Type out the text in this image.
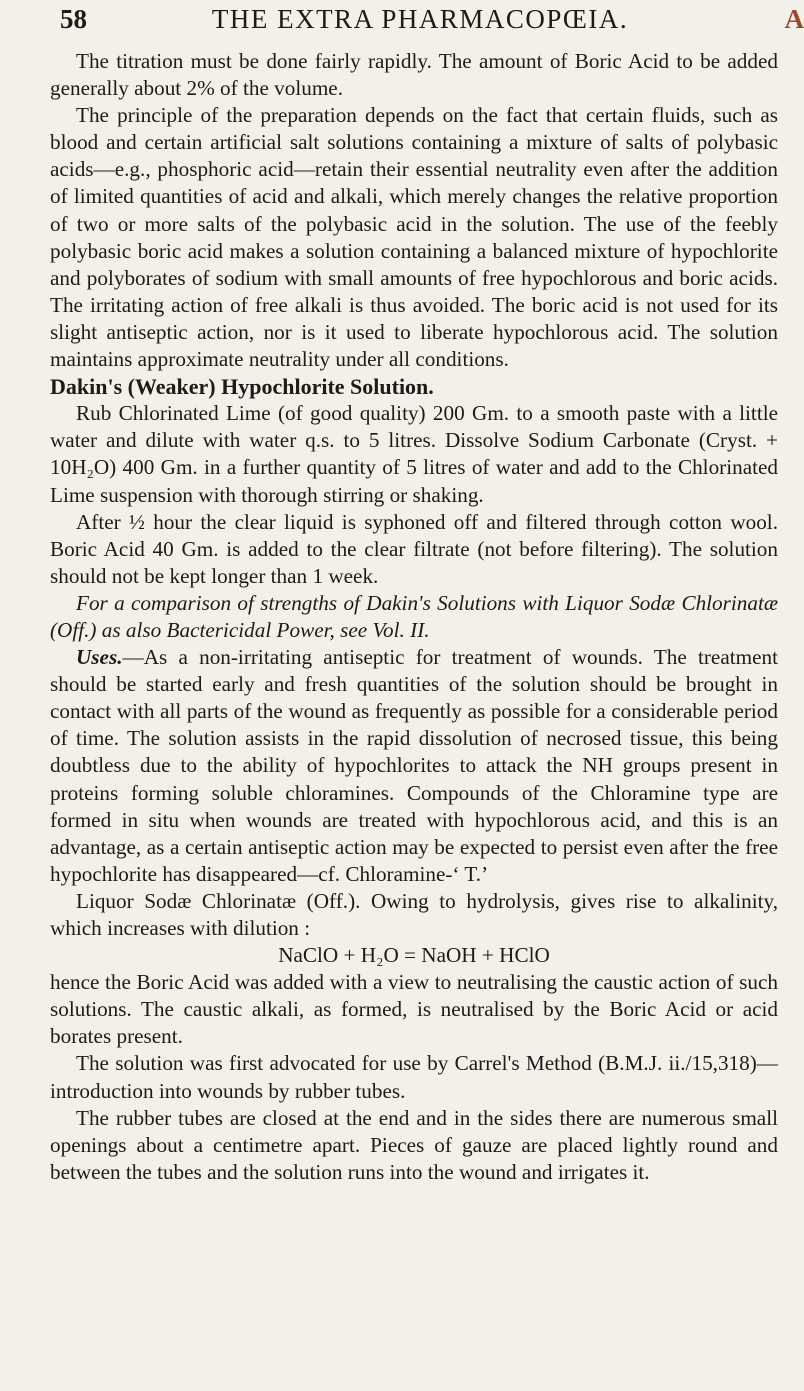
58	THE EXTRA PHARMACOPŒIA.	A

The titration must be done fairly rapidly. The amount of Boric Acid to be added generally about 2% of the volume.

The principle of the preparation depends on the fact that certain fluids, such as blood and certain artificial salt solutions containing a mixture of salts of polybasic acids—e.g., phosphoric acid—retain their essential neutrality even after the addition of limited quantities of acid and alkali, which merely changes the relative proportion of two or more salts of the polybasic acid in the solution. The use of the feebly polybasic boric acid makes a solution containing a balanced mixture of hypochlorite and polyborates of sodium with small amounts of free hypochlorous and boric acids. The irritating action of free alkali is thus avoided. The boric acid is not used for its slight antiseptic action, nor is it used to liberate hypochlorous acid. The solution maintains approximate neutrality under all conditions.

Dakin's (Weaker) Hypochlorite Solution.

Rub Chlorinated Lime (of good quality) 200 Gm. to a smooth paste with a little water and dilute with water q.s. to 5 litres. Dissolve Sodium Carbonate (Cryst. + 10H₂O) 400 Gm. in a further quantity of 5 litres of water and add to the Chlorinated Lime suspension with thorough stirring or shaking.

After ½ hour the clear liquid is syphoned off and filtered through cotton wool. Boric Acid 40 Gm. is added to the clear filtrate (not before filtering). The solution should not be kept longer than 1 week.

For a comparison of strengths of Dakin's Solutions with Liquor Sodæ Chlorinatæ (Off.) as also Bactericidal Power, see Vol. II.

Uses.—As a non-irritating antiseptic for treatment of wounds. The treatment should be started early and fresh quantities of the solution should be brought in contact with all parts of the wound as frequently as possible for a considerable period of time. The solution assists in the rapid dissolution of necrosed tissue, this being doubtless due to the ability of hypochlorites to attack the NH groups present in proteins forming soluble chloramines. Compounds of the Chloramine type are formed in situ when wounds are treated with hypochlorous acid, and this is an advantage, as a certain antiseptic action may be expected to persist even after the free hypochlorite has disappeared—cf. Chloramine-‘ T.’

Liquor Sodæ Chlorinatæ (Off.). Owing to hydrolysis, gives rise to alkalinity, which increases with dilution :

NaClO + H₂O = NaOH + HClO

hence the Boric Acid was added with a view to neutralising the caustic action of such solutions. The caustic alkali, as formed, is neutralised by the Boric Acid or acid borates present.

The solution was first advocated for use by Carrel's Method (B.M.J. ii./15,318)—introduction into wounds by rubber tubes.

The rubber tubes are closed at the end and in the sides there are numerous small openings about a centimetre apart. Pieces of gauze are placed lightly round and between the tubes and the solution runs into the wound and irrigates it.
